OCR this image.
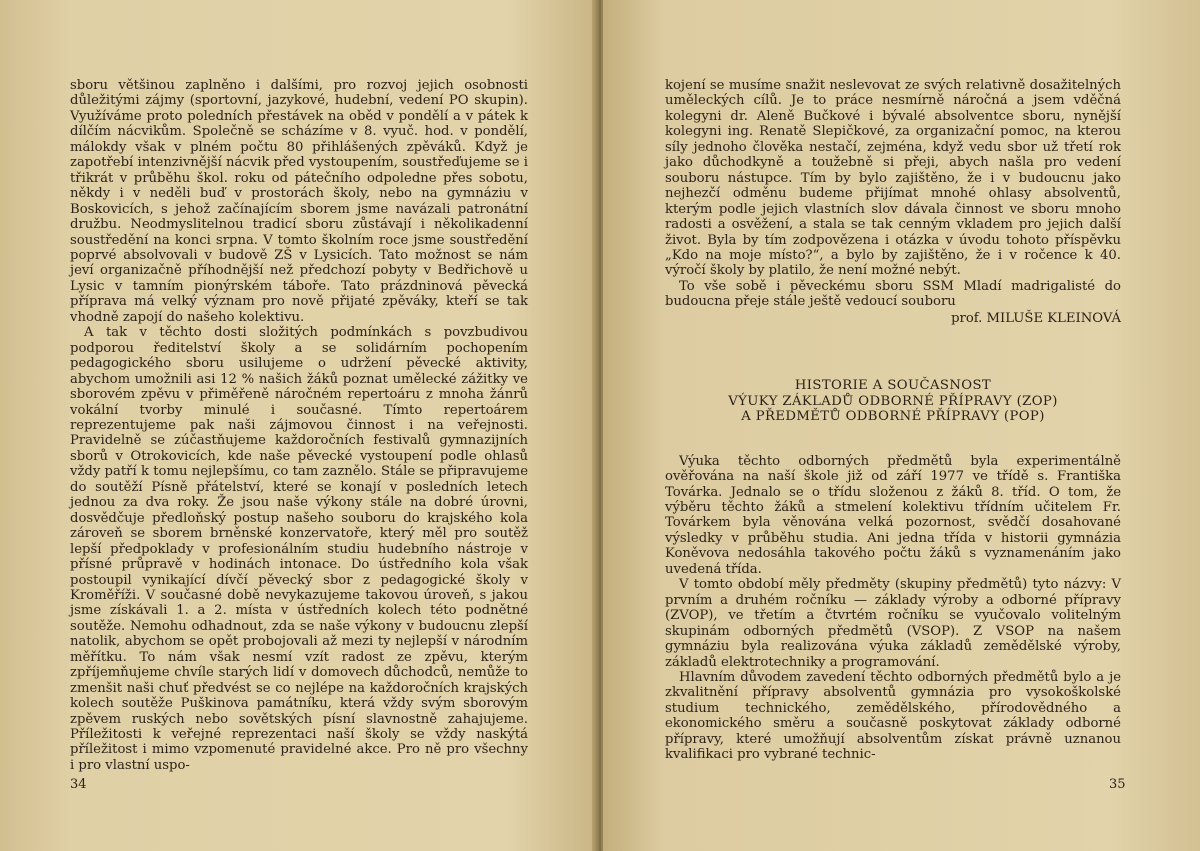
sboru většinou zaplněno i dalšími, pro rozvoj jejich osobnosti důležitými zájmy (sportovní, jazykové, hudební, vedení PO skupin). Využíváme proto poledních přestávek na oběd v pondělí a v pátek k dílčím nácvikům. Společně se scházíme v 8. vyuč. hod. v pondělí, málokdy však v plném počtu 80 přihlášených zpěváků. Když je zapotřebí intenzivnější nácvik před vystoupením, soustřeďujeme se i třikrát v průběhu škol. roku od pátečního odpoledne přes sobotu, někdy i v neděli buď v prostorách školy, nebo na gymnáziu v Boskovicích, s jehož začínajícím sborem jsme navázali patronátní družbu. Neodmyslitelnou tradicí sboru zůstávají i několikadenní soustředění na konci srpna. V tomto školním roce jsme soustředění poprvé absolvovali v budově ZŠ v Lysicích. Tato možnost se nám jeví organizačně příhodnější než předchozí pobyty v Bedřichově u Lysic v tamním pionýrském táboře. Tato prázdninová pěvecká příprava má velký význam pro nově přijaté zpěváky, kteří se tak vhodně zapojí do našeho kolektivu.

A tak v těchto dosti složitých podmínkách s povzbudivou podporou ředitelství školy a se solidárním pochopením pedagogického sboru usilujeme o udržení pěvecké aktivity, abychom umožnili asi 12 % našich žáků poznat umělecké zážitky ve sborovém zpěvu v přiměřeně náročném repertoáru z mnoha žánrů vokální tvorby minulé i současné. Tímto repertoárem reprezentujeme pak naši zájmovou činnost i na veřejnosti. Pravidelně se zúčastňujeme každoročních festivalů gymnaziјních sborů v Otrokovicích, kde naše pěvecké vystoupení podle ohlasů vždy patří k tomu nejlepšímu, co tam zaznělo. Stále se připravujeme do soutěží Písně přátelství, které se konají v posledních letech jednou za dva roky. Že jsou naše výkony stále na dobré úrovni, dosvědčuje předloňský postup našeho souboru do krajského kola zároveň se sborem brněnské konzervatoře, který měl pro soutěž lepší předpoklady v profesionálním studiu hudebního nástroje v přísné průpravě v hodinách intonace. Do ústředního kola však postoupil vynikající dívčí pěvecký sbor z pedagogické školy v Kroměříži. V současné době nevykazujeme takovou úroveň, s jakou jsme získávali 1. a 2. místa v ústředních kolech této podnětné soutěže. Nemohu odhadnout, zda se naše výkony v budoucnu zlepší natolik, abychom se opět probojovali až mezi ty nejlepší v národním měřítku. To nám však nesmí vzít radost ze zpěvu, kterým zpříjemňujeme chvíle starých lidí v domovech důchodců, nemůže to zmenšit naši chuť předvést se co nejlépe na každoročních krajských kolech soutěže Puškinova památníku, která vždy svým sborovým zpěvem ruských nebo sovětských písní slavnostně zahajujeme. Příležitosti k veřejné reprezentaci naší školy se vždy naskýtá příležitost i mimo vzpomenuté pravidelné akce. Pro ně pro všechny i pro vlastní uspo-

34

kojení se musíme snažit neslevovat ze svých relativně dosažitelných uměleckých cílů. Je to práce nesmírně náročná a jsem vděčná kolegyni dr. Aleně Bučkové i bývalé absolventce sboru, nynější kolegyni ing. Renatě Slepičkové, za organizační pomoc, na kterou síly jednoho člověka nestačí, zejména, když vedu sbor už třetí rok jako důchodkyně a toužebně si přeji, abych našla pro vedení souboru nástupce. Tím by bylo zajištěno, že i v budoucnu jako nejhezčí odměnu budeme přijímat mnohé ohlasy absolventů, kterým podle jejich vlastních slov dávala činnost ve sboru mnoho radosti a osvěžení, a stala se tak cenným vkladem pro jejich další život. Byla by tím zodpovězena i otázka v úvodu tohoto příspěvku „Kdo na moje místo?“, a bylo by zajištěno, že i v ročence k 40. výročí školy by platilo, že není možné nebýt.

To vše sobě i pěveckému sboru SSM Mladí madrigalisté do budoucna přeje stále ještě vedoucí souboru

prof. MILUŠE KLEINOVÁ

HISTORIE A SOUČASNOST
VÝUKY ZÁKLADŮ ODBORNÉ PŘÍPRAVY (ZOP)
A PŘEDMĚTŮ ODBORNÉ PŘÍPRAVY (POP)

Výuka těchto odborných předmětů byla experimentálně ověřována na naší škole již od září 1977 ve třídě s. Františka Továrka. Jednalo se o třídu složenou z žáků 8. tříd. O tom, že výběru těchto žáků a stmelení kolektivu třídním učitelem Fr. Továrkem byla věnována velká pozornost, svědčí dosahované výsledky v průběhu studia. Ani jedna třída v historii gymnázia Koněvova nedosáhla takového počtu žáků s vyznamenáním jako uvedená třída.

V tomto období měly předměty (skupiny předmětů) tyto názvy: V prvním a druhém ročníku — základy výroby a odborné přípravy (ZVOP), ve třetím a čtvrtém ročníku se vyučovalo volitelným skupinám odborných předmětů (VSOP). Z VSOP na našem gymnáziu byla realizována výuka základů zemědělské výroby, základů elektrotechniky a programování.

Hlavním důvodem zavedení těchto odborných předmětů bylo a je zkvalitnění přípravy absolventů gymnázia pro vysokoškolské studium technického, zemědělského, přírodovědného a ekonomického směru a současně poskytovat základy odborné přípravy, které umožňují absolventům získat právně uznanou kvalifikaci pro vybrané technic-

35
